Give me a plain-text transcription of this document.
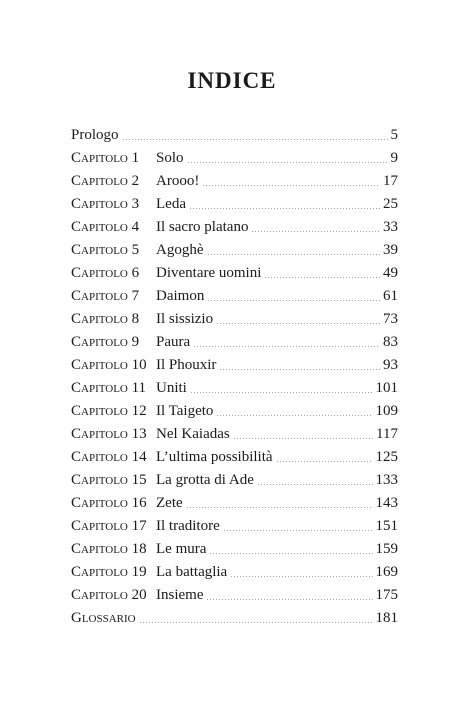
INDICE
Prologo	5
Capitolo 1	Solo	9
Capitolo 2	Arooo!	17
Capitolo 3	Leda	25
Capitolo 4	Il sacro platano	33
Capitolo 5	Agoghè	39
Capitolo 6	Diventare uomini	49
Capitolo 7	Daimon	61
Capitolo 8	Il sissizio	73
Capitolo 9	Paura	83
Capitolo 10 Il Phouxir	93
Capitolo 11 Uniti	101
Capitolo 12 Il Taigeto	109
Capitolo 13 Nel Kaiadas	117
Capitolo 14 L’ultima possibilità	125
Capitolo 15 La grotta di Ade	133
Capitolo 16 Zete	143
Capitolo 17 Il traditore	151
Capitolo 18 Le mura	159
Capitolo 19 La battaglia	169
Capitolo 20 Insieme	175
Glossario	181
